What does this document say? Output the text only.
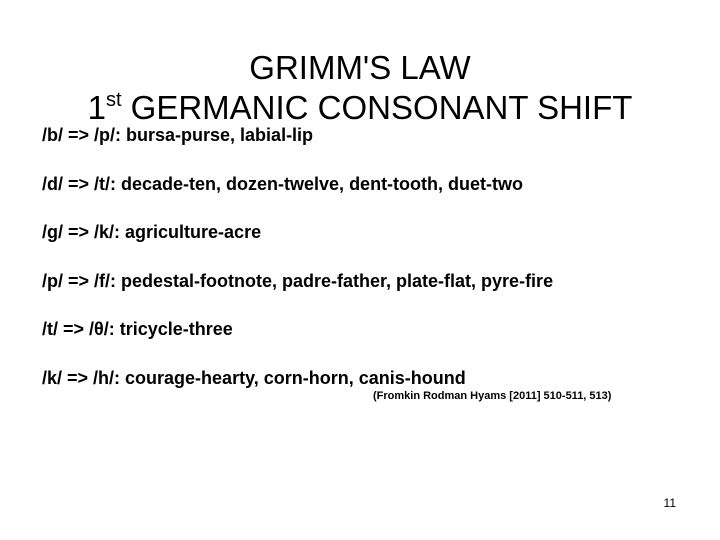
GRIMM'S LAW
1st GERMANIC CONSONANT SHIFT
/b/ => /p/: bursa-purse, labial-lip
/d/ => /t/: decade-ten, dozen-twelve, dent-tooth, duet-two
/g/ => /k/: agriculture-acre
/p/ => /f/: pedestal-footnote, padre-father, plate-flat, pyre-fire
/t/ => /θ/: tricycle-three
/k/ => /h/: courage-hearty, corn-horn, canis-hound
(Fromkin Rodman Hyams [2011] 510-511, 513)
11
